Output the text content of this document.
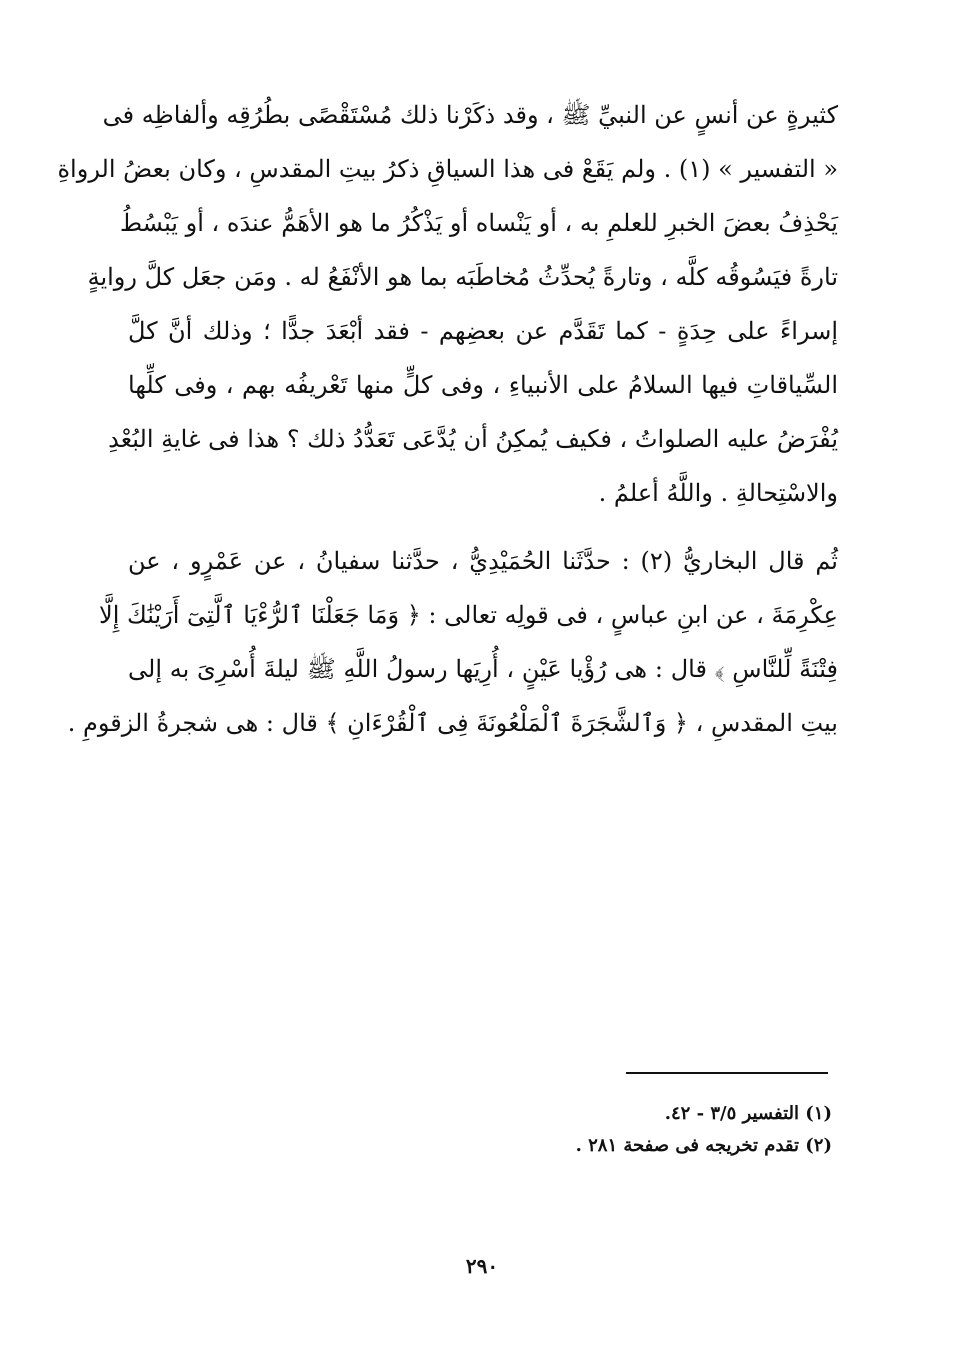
كثيرةٍ عن أنسٍ عن النبيِّ ﷺ ، وقد ذكَرْنا ذلك مُسْتَقْصًى بطُرُقِه وألفاظِه فى
« التفسير » (١) . ولم يَقَعْ فى هذا السياقِ ذكرُ بيتِ المقدسِ ، وكان بعضُ الرواةِ
يَحْذِفُ بعضَ الخبرِ للعلمِ به ، أو يَنْساه أو يَذْكُرُ ما هو الأهَمُّ عندَه ، أو يَبْسُطُ
تارةً فيَسُوقُه كلَّه ، وتارةً يُحدِّثُ مُخاطَبَه بما هو الأنْفَعُ له . ومَن جعَل كلَّ روايةٍ
إسراءً على حِدَةٍ - كما تَقَدَّم عن بعضِهم - فقد أبْعَدَ جدًّا ؛ وذلك أنَّ كلَّ
السِّياقاتِ فيها السلامُ على الأنبياءِ ، وفى كلٍّ منها تَعْريفُه بهم ، وفى كلِّها
يُفْرَضُ عليه الصلواتُ ، فكيف يُمكِنُ أن يُدَّعَى تَعَدُّدُ ذلك ؟ هذا فى غايةِ البُعْدِ
والاسْتِحالةِ . واللَّهُ أعلمُ .
ثُم قال البخاريُّ (٢) : حدَّثَنا الحُمَيْدِيُّ ، حدَّثنا سفيانُ ، عن عَمْرٍو ، عن
عِكْرِمَةَ ، عن ابنِ عباسٍ ، فى قولِه تعالى : ﴿ وَمَا جَعَلْنَا ٱلرُّءْيَا ٱلَّتِىٓ أَرَيْنَٰكَ إِلَّا
فِتْنَةً لِّلنَّاسِ ﴾ قال : هى رُؤْيا عَيْنٍ ، أُرِيَها رسولُ اللَّهِ ﷺ ليلةَ أُسْرِىَ به إلى
بيتِ المقدسِ ، ﴿ وَٱلشَّجَرَةَ ٱلْمَلْعُونَةَ فِى ٱلْقُرْءَانِ ﴾ قال : هى شجرةُ الزقومِ .
(١) التفسير ٣/٥ - ٤٢.
(٢) تقدم تخريجه فى صفحة ٢٨١ .
٢٩٠
